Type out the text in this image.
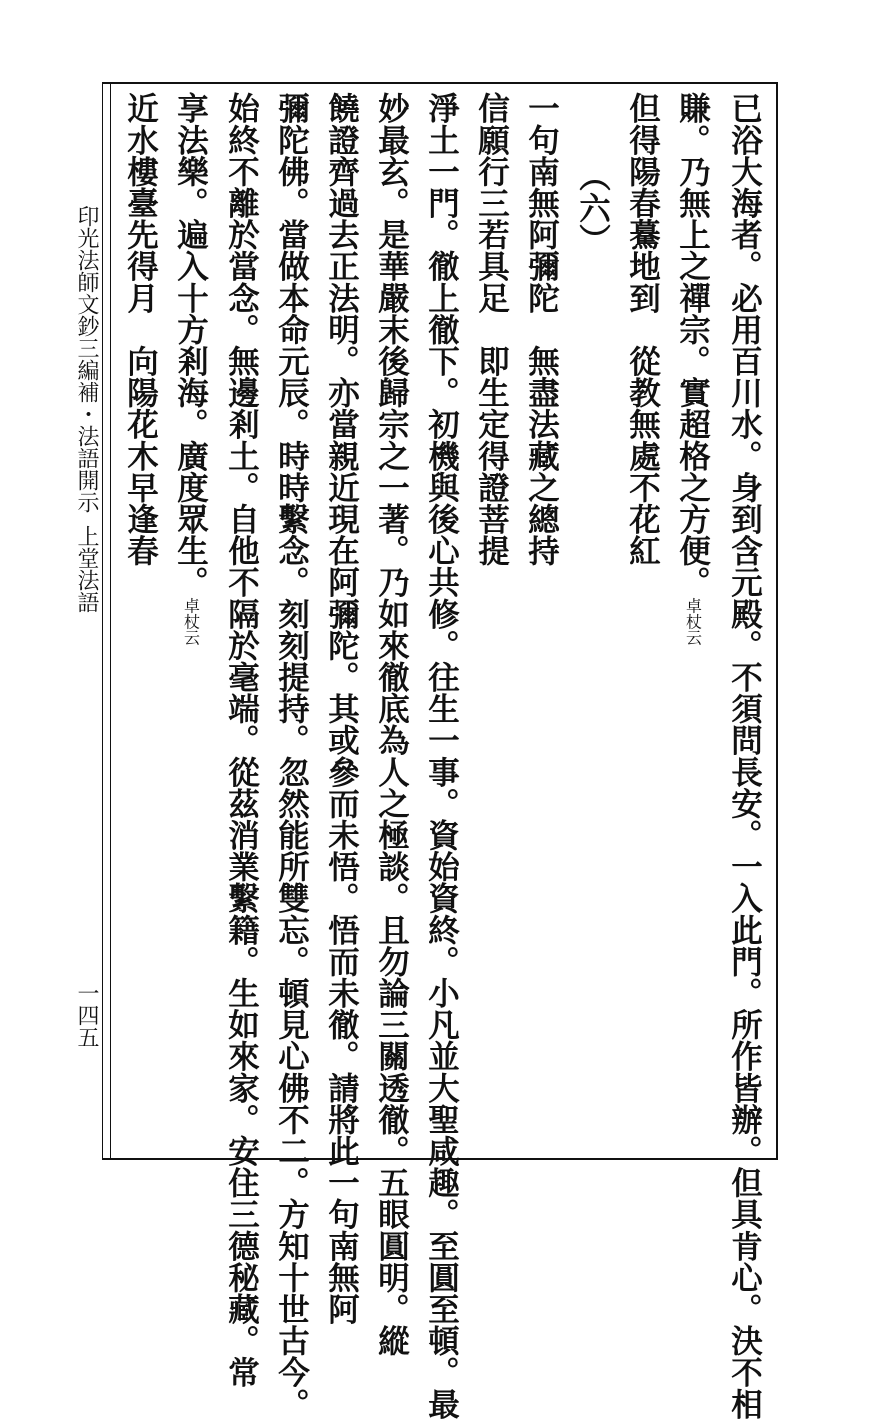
已浴大海者。必用百川水。身到含元殿。不須問長安。一入此門。所作皆辦。但具肯心。決不相
賺。乃無上之禪宗。實超格之方便。卓杖云
但得陽春驀地到　從教無處不花紅
（六）
一句南無阿彌陀　無盡法藏之總持
信願行三若具足　即生定得證菩提
淨土一門。徹上徹下。初機與後心共修。往生一事。資始資終。小凡並大聖咸趣。至圓至頓。最
妙最玄。是華嚴末後歸宗之一著。乃如來徹底為人之極談。且勿論三關透徹。五眼圓明。縱
饒證齊過去正法明。亦當親近現在阿彌陀。其或參而未悟。悟而未徹。請將此一句南無阿
彌陀佛。當做本命元辰。時時繫念。刻刻提持。忽然能所雙忘。頓見心佛不二。方知十世古今。
始終不離於當念。無邊剎土。自他不隔於毫端。從茲消業繫籍。生如來家。安住三德秘藏。常
享法樂。遍入十方剎海。廣度眾生。卓杖云
近水樓臺先得月　向陽花木早逢春
印光法師文鈔三編補・法語開示
上堂法語
一四五
